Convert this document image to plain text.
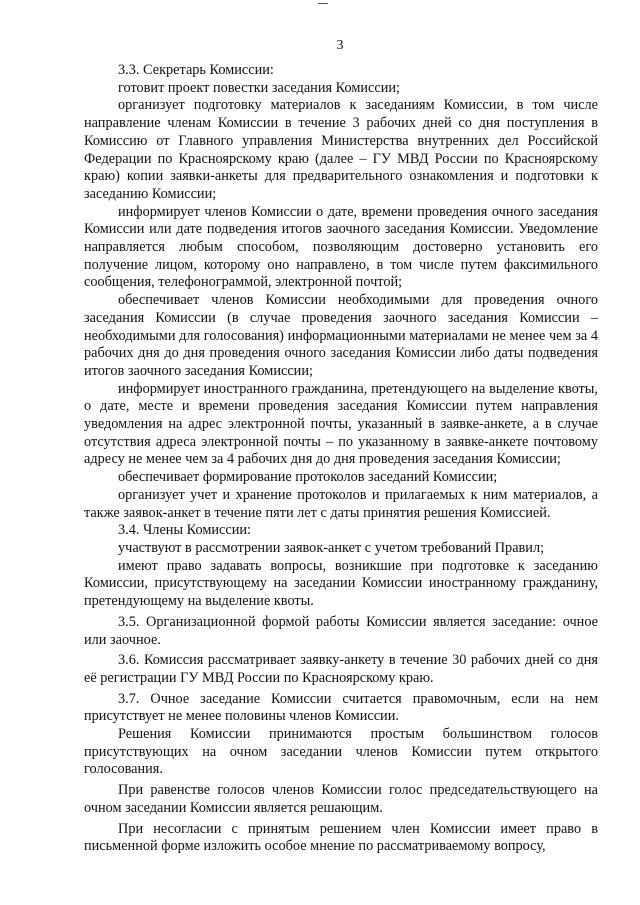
3

3.3. Секретарь Комиссии:

готовит проект повестки заседания Комиссии;

организует подготовку материалов к заседаниям Комиссии, в том числе направление членам Комиссии в течение 3 рабочих дней со дня поступления в Комиссию от Главного управления Министерства внутренних дел Российской Федерации по Красноярскому краю (далее – ГУ МВД России по Красноярскому краю) копии заявки-анкеты для предварительного ознакомления и подготовки к заседанию Комиссии;

информирует членов Комиссии о дате, времени проведения очного заседания Комиссии или дате подведения итогов заочного заседания Комиссии. Уведомление направляется любым способом, позволяющим достоверно установить его получение лицом, которому оно направлено, в том числе путем факсимильного сообщения, телефонограммой, электронной почтой;

обеспечивает членов Комиссии необходимыми для проведения очного заседания Комиссии (в случае проведения заочного заседания Комиссии – необходимыми для голосования) информационными материалами не менее чем за 4 рабочих дня до дня проведения очного заседания Комиссии либо даты подведения итогов заочного заседания Комиссии;

информирует иностранного гражданина, претендующего на выделение квоты, о дате, месте и времени проведения заседания Комиссии путем направления уведомления на адрес электронной почты, указанный в заявке-анкете, а в случае отсутствия адреса электронной почты – по указанному в заявке-анкете почтовому адресу не менее чем за 4 рабочих дня до дня проведения заседания Комиссии;

обеспечивает формирование протоколов заседаний Комиссии;

организует учет и хранение протоколов и прилагаемых к ним материалов, а также заявок-анкет в течение пяти лет с даты принятия решения Комиссией.

3.4. Члены Комиссии:

участвуют в рассмотрении заявок-анкет с учетом требований Правил;

имеют право задавать вопросы, возникшие при подготовке к заседанию Комиссии, присутствующему на заседании Комиссии иностранному гражданину, претендующему на выделение квоты.

3.5. Организационной формой работы Комиссии является заседание: очное или заочное.

3.6. Комиссия рассматривает заявку-анкету в течение 30 рабочих дней со дня её регистрации ГУ МВД России по Красноярскому краю.

3.7. Очное заседание Комиссии считается правомочным, если на нем присутствует не менее половины членов Комиссии.

Решения Комиссии принимаются простым большинством голосов присутствующих на очном заседании членов Комиссии путем открытого голосования.

При равенстве голосов членов Комиссии голос председательствующего на очном заседании Комиссии является решающим.

При несогласии с принятым решением член Комиссии имеет право в письменной форме изложить особое мнение по рассматриваемому вопросу,
